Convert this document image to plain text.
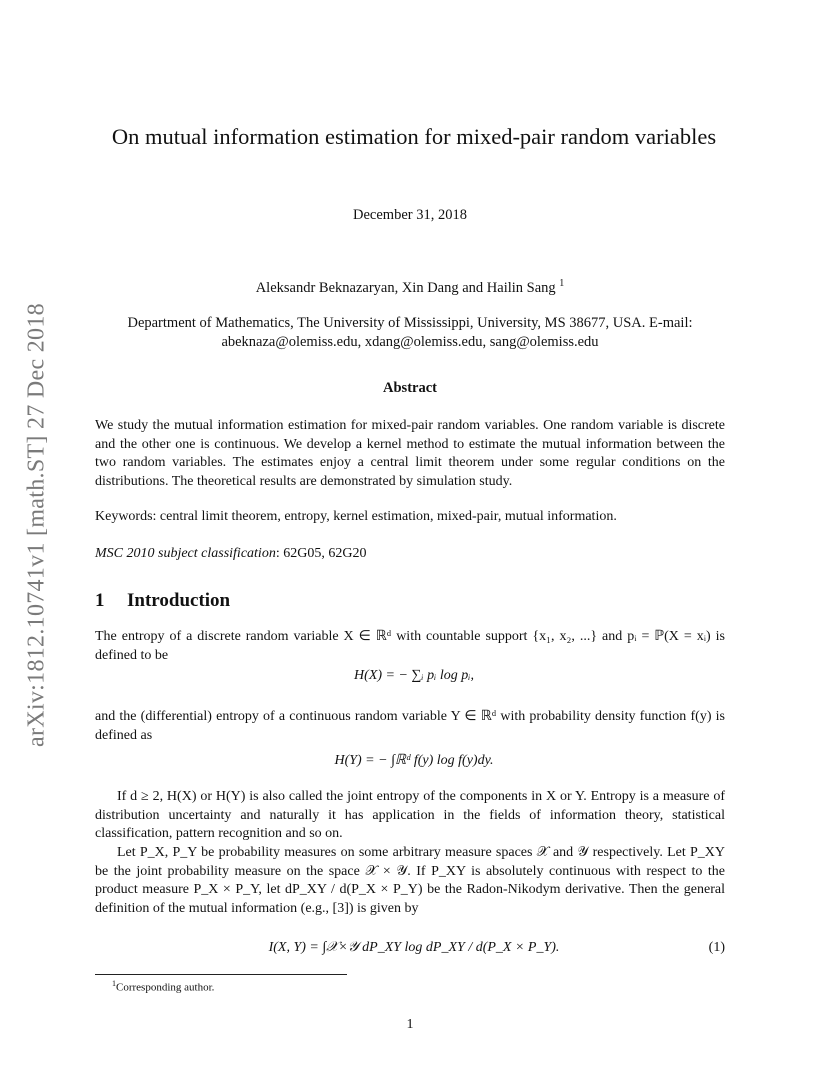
arXiv:1812.10741v1 [math.ST] 27 Dec 2018
On mutual information estimation for mixed-pair random variables
December 31, 2018
Aleksandr Beknazaryan, Xin Dang and Hailin Sang $^1$
Department of Mathematics, The University of Mississippi, University, MS 38677, USA. E-mail: abeknaza@olemiss.edu, xdang@olemiss.edu, sang@olemiss.edu
Abstract
We study the mutual information estimation for mixed-pair random variables. One random variable is discrete and the other one is continuous. We develop a kernel method to estimate the mutual information between the two random variables. The estimates enjoy a central limit theorem under some regular conditions on the distributions. The theoretical results are demonstrated by simulation study.
Keywords: central limit theorem, entropy, kernel estimation, mixed-pair, mutual information.
MSC 2010 subject classification: 62G05, 62G20
1 Introduction
The entropy of a discrete random variable X ∈ ℝᵈ with countable support {x₁, x₂, ...} and pᵢ = ℙ(X = xᵢ) is defined to be
H(X) = − ∑ᵢ pᵢ log pᵢ,
and the (differential) entropy of a continuous random variable Y ∈ ℝᵈ with probability density function f(y) is defined as
H(Y) = − ∫ℝᵈ f(y) log f(y)dy.
If d ≥ 2, H(X) or H(Y) is also called the joint entropy of the components in X or Y. Entropy is a measure of distribution uncertainty and naturally it has application in the fields of information theory, statistical classification, pattern recognition and so on.
Let P_X, P_Y be probability measures on some arbitrary measure spaces 𝒳 and 𝒴 respectively. Let P_XY be the joint probability measure on the space 𝒳 × 𝒴. If P_XY is absolutely continuous with respect to the product measure P_X × P_Y, let dP_XY / d(P_X × P_Y) be the Radon-Nikodym derivative. Then the general definition of the mutual information (e.g., [3]) is given by
I(X, Y) = ∫𝒳×𝒴 dP_XY log dP_XY / d(P_X × P_Y).	(1)
$^1$Corresponding author.
1
